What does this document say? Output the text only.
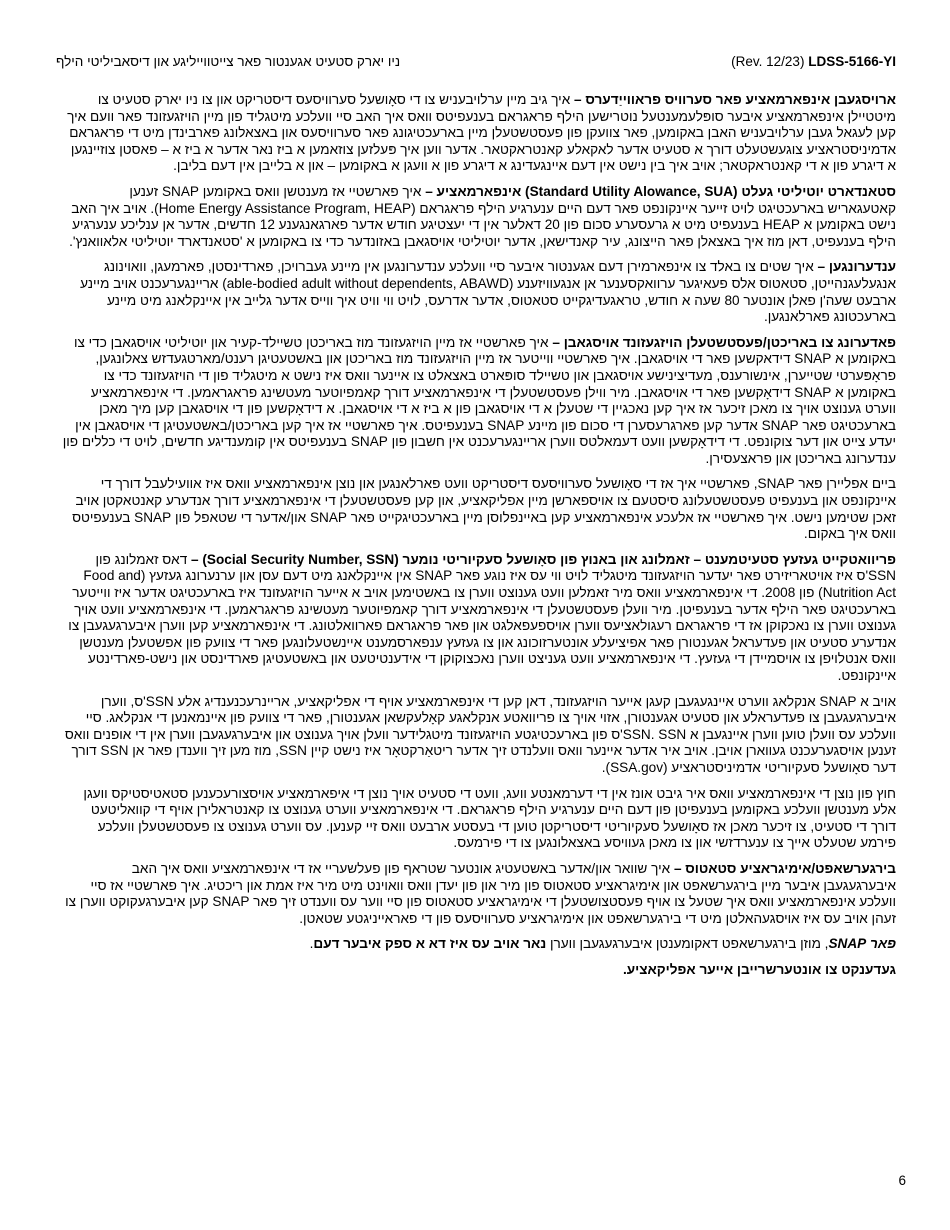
(Rev. 12/23) LDSS-5166-YI
ניו יארק סטעיט אגענטור פאר צייטווייליגע און דיסאביליטי הילף

ארויסגעבן אינפארמאציע פאר סערוויס פראווייַדערס – איך גיב מיין ערלויבעניש צו די סאָושעל סערוויסעס דיסטריקט און צו ניו יארק סטעיט צו מיטטיילן אינפארמאציע איבער סופּלעמענטעל נוטרישען הילף פראגראם בענעפיטס וואס איך האב סיי וועלכע מיטגליד פון מיין הויזגעזונד פאר וועם איך קען לעגאל געבן ערלויבעניש האבן באקומען, פאר צוועקן פון פעסטשטעלן מיין בארעכטיגונג פאר סערוויסעס און באצאלונג פארבינדן מיט די פראגראם אדמיניסטראציע צוגעשטעלט דורך א סטעיט אדער לאקאלע קאנטראקטאר. אדער ווען איך פּעלזען צוזאמען א ביז נאר אדער א ביז א – פאסטן צוזיינגען א דיגרע פון א די קאנטראקטאר; אויב איך בין נישט אין דעם איינגעדינג א דיגרע פון א וועגן א באקומען – און א בלייבן אין דעם בליבן.

סטאנדארט יוטיליטי געלט (Standard Utility Alowance, SUA) אינפארמאציע – איך פארשטיי אז מענטשן וואס באקומען SNAP זענען קאטעגאריש בארעכטיגט לויט זייער איינקונפט פאר דעם היים ענערגיע הילף פראגראם (Home Energy Assistance Program, HEAP). אויב איך האב נישט באקומען א HEAP בענעפיט מיט א גרעסערע סכום פון 20 דאלער אין די יעצטיגע חודש אדער פארגאנגענע 12 חדשים, אדער אן ענליכע ענערגיע הילף בענעפיט, דאן מוז איך באצאלן פאר הייצונג, עיר קאנדישאן, אדער יוטיליטי אויסגאבן באזונדער כדי צו באקומען א 'סטאנדארד יוטיליטי אלאוואנץ'.

ענדערונגען – איך שטים צו באלד צו אינפארמירן דעם אגענטור איבער סיי וועלכע ענדערונגען אין מיינע געברויכן, פארדינסטן, פארמעגן, וואוינונג אנגעלעגנהייטן, סטאטוס אלס פעאיגער ערוואקסענער אן אנגעוויזענע (able-bodied adult without dependents, ABAWD) אריינגערעכנט אויב מיינע ארבעט שעה'ן פאלן אונטער 80 שעה א חודש, טראגעדיגקייט סטאטוס, אדער אדרעס, לויט ווי וויט איך ווייס אדער גלייב אין איינקלאנג מיט מיינע בארעכטונג פארלאנגען.

פאדערונג צו באריכטן/פעסטשטעלן הויזגעזונד אויסגאבן – איך פארשטיי אז מיין הויזגעזונד מוז באריכטן טשיילד-קעיר און יוטיליטי אויסגאבן כדי צו באקומען א SNAP דידאקשען פאר די אויסגאבן. איך פארשטיי ווייטער אז מיין הויזגעזונד מוז באריכטן און באשטעטיגן רענט/מארטגעדזש צאלונגען, פראָפּערטי שטייערן, אינשורענס, מעדיצינישע אויסגאבן און טשיילד סופּארט באצאלט צו איינער וואס איז נישט א מיטגליד פון די הויזגעזונד כדי צו באקומען א SNAP דידאָקשען פאר די אויסגאבן. מיר ווילן פעסטשטעלן די אינפארמאציע דורך קאמפיוטער מעטשינג פראגראמען. די אינפארמאציע ווערט גענוצט אויך צו מאכן זיכער אז איך קען נאכגיין די שטעלן א די אויסגאבן פון א ביז א די אויסגאבן. א דידאָקשען פון די אויסגאבן קען מיך מאכן בארעכטיגט פאר SNAP אדער קען פארגרעסערן די סכום פון מיינע SNAP בענעפיטס. איך פארשטיי אז איך קען באריכטן/באשטעטיגן די אויסגאבן אין יעדע צייט און דער צוקונפט. די דידאָקשען וועט דעמאלטס ווערן אריינגערעכנט אין חשבון פון SNAP בענעפיטס אין קומענדיגע חדשים, לויט די כללים פון ענדערונג באריכטן און פראצעסירן.

ביים אפליירן פאר SNAP, פארשטיי איך אז די סאָושעל סערוויסעס דיסטריקט וועט פארלאנגען און נוצן אינפארמאציע וואס איז אוועילעבל דורך די איינקונפט און בענעפיט פעסטשטעלונג סיסטעם צו אויספארשן מיין אפליקאציע, און קען פעסטשטעלן די אינפארמאציע דורך אנדערע קאנטאקטן אויב זאכן שטימען נישט. איך פארשטיי אז אלעכע אינפארמאציע קען באיינפלוסן מיין בארעכטיגקייט פאר SNAP און/אדער די שטאפל פון SNAP בענעפיטס וואס איך באקום.

פריוואטקייט געזעץ סטעיטמענט – זאמלונג און באנוץ פון סאָושעל סעקיוריטי נומער (Social Security Number, SSN) – דאס זאמלונג פון SSN'ס איז אויטאריזירט פאר יעדער הויזגעזונד מיטגליד לויט ווי עס איז נוגע פאר SNAP אין איינקלאנג מיט דעם עסן און ערנערונג געזעץ (Food and Nutrition Act) פון 2008. די אינפארמאציע וואס מיר זאמלען וועט גענוצט ווערן צו באשטימען אויב א אייער הויזגעזונד איז בארעכטיגט אדער איז ווייטער בארעכטיגט פאר הילף אדער בענעפיטן. מיר וועלן פעסטשטעלן די אינפארמאציע דורך קאמפיוטער מעטשינג פראגראמען. די אינפארמאציע וועט אויך גענוצט ווערן צו נאכקוקן אז די פראגראם רעגולאציעס ווערן אויספעפאלגט און פאר פראגראם פארוואלטונג. די אינפארמאציע קען ווערן איבערגעגעבן צו אנדערע סטעיט און פעדעראל אגענטורן פאר אפיציעלע אונטערזוכונג און צו געזעץ ענפארסמענט איינשטעלונגען פאר די צוועק פון אפשטעלן מענטשן וואס אנטלויפן צו אויסמיידן די געזעץ. די אינפארמאציע וועט געניצט ווערן נאכצוקוקן די אידענטיטעט און באשטעטיגן פארדינסט און נישט-פארדינטע איינקונפט.

אויב א SNAP אנקלאג ווערט איינגעגעבן קעגן אייער הויזגעזונד, דאן קען די אינפארמאציע אויף די אפליקאציע, אריינרעכנענדיג אלע SSN'ס, ווערן איבערגעגעבן צו פעדעראלע און סטעיט אגענטורן, אזוי אויך צו פריוואטע אנקלאגע קאָלעקשאן אגענטורן, פאר די צוועק פון איינמאנען די אנקלאג. סיי וועלכע עס וועלן טוען ווערן איינגעבן א SSN. SSN'ס פון בארעכטיגטע הויזגעזונד מיטגלידער וועלן אויך גענוצט און איבערגעגעבן ווערן אין די אופנים וואס זענען אויסגערעכנט געווארן אויבן. אויב איר אדער איינער וואס וועלנדט זיך אדער ריטאַרקטאָר איז נישט קיין SSN, מוז מען זיך ווענדן פאר אן SSN דורך דער סאָושעל סעקיוריטי אדמיניסטראציע (SSA.gov).

חוץ פון נוצן די אינפארמאציע וואס איר גיבט אונז אין די דערמאנטע וועג, וועט די סטעיט אויך נוצן די איפארמאציע אויסצורעכענען סטאטיסטיקס וועגן אלע מענטשן וועלכע באקומען בענעפיטן פון דעם היים ענערגיע הילף פראגראם. די אינפארמאציע ווערט גענוצט צו קאנטראלירן אויף די קוואליטעט דורך די סטעיט, צו זיכער מאכן אז סאָושעל סעקיוריטי דיסטריקטן טוען די בעסטע ארבעט וואס זיי קענען. עס ווערט גענוצט צו פעסטשטעלן וועלכע פירמע שטעלט אייך צו ענערדזשי און צו מאכן געוויסע באצאלונגען צו די פירמעס.

בירגערשאפט/אימיגראציע סטאטוס – איך שוואר און/אדער באשטעטיג אונטער שטראף פון פעלשעריי אז די אינפארמאציע וואס איך האב איבערגעגעבן איבער מיין בירגערשאפט און אימיגראציע סטאטוס פון מיר און פון יעדן וואס וואוינט מיט מיר איז אמת און ריכטיג. איך פארשטיי אז סיי וועלכע אינפארמאציע וואס איך שטעל צו אויף פעסטצושטעלן די אימיגראציע סטאטוס פון סיי ווער עס ווענדט זיך פאר SNAP קען איבערגעקוקט ווערן צו זעהן אויב עס איז אויסגעהאלטן מיט די בירגערשאפט און אימיגראציע סערוויסעס פון די פאראייניגטע שטאטן.

פאר SNAP, מוזן בירגערשאפט דאקומענטן איבערגעגעבן ווערן נאר אויב עס איז דא א ספק איבער דעם.

געדענקט צו אונטערשרייבן אייער אפליקאציע.

6
